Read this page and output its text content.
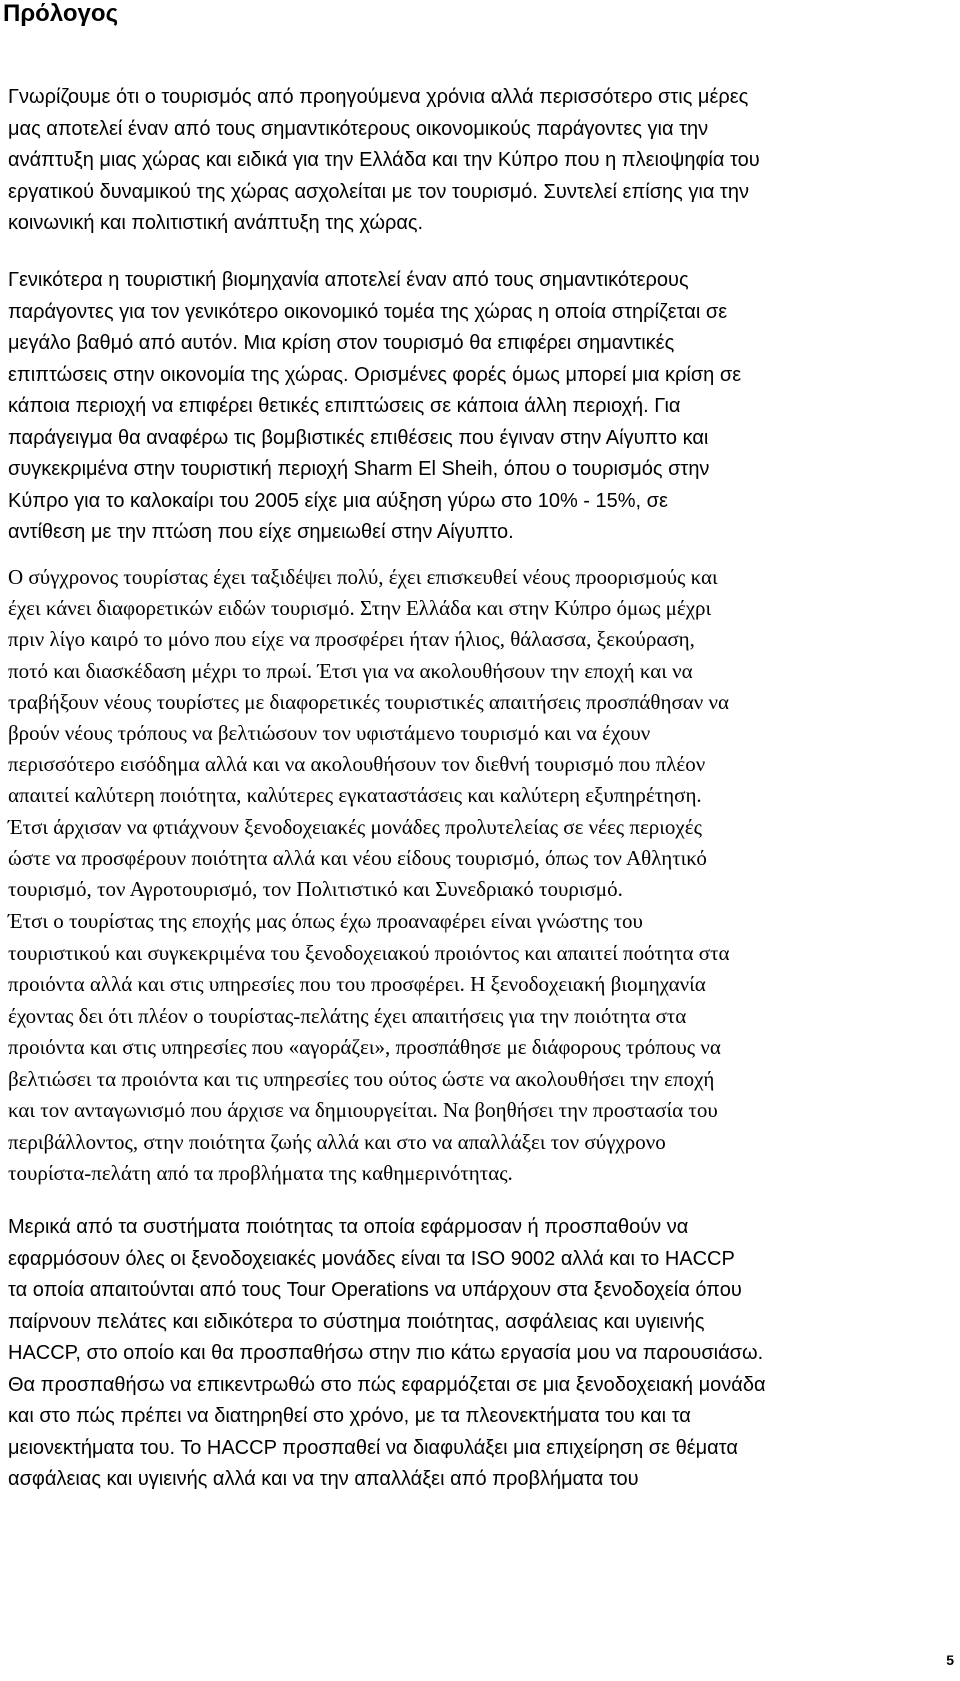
Πρόλογος

Γνωρίζουμε ότι ο τουρισμός από προηγούμενα χρόνια αλλά περισσότερο στις μέρες
μας αποτελεί έναν από τους σημαντικότερους οικονομικούς παράγοντες για την
ανάπτυξη μιας χώρας και ειδικά για την Ελλάδα και την Κύπρο που η πλειοψηφία του
εργατικού δυναμικού της χώρας ασχολείται με τον τουρισμό. Συντελεί επίσης για την
κοινωνική και πολιτιστική ανάπτυξη της χώρας.

Γενικότερα η τουριστική βιομηχανία αποτελεί έναν από τους σημαντικότερους
παράγοντες για τον γενικότερο οικονομικό τομέα της χώρας η οποία στηρίζεται σε
μεγάλο βαθμό από αυτόν. Μια κρίση στον τουρισμό θα επιφέρει σημαντικές
επιπτώσεις στην οικονομία της χώρας. Ορισμένες φορές όμως μπορεί μια κρίση σε
κάποια περιοχή να επιφέρει θετικές επιπτώσεις σε κάποια άλλη περιοχή. Για
παράγειγμα θα αναφέρω τις βομβιστικές επιθέσεις που έγιναν στην Αίγυπτο και
συγκεκριμένα στην τουριστική περιοχή Sharm El Sheih, όπου ο τουρισμός στην
Κύπρο για το καλοκαίρι του 2005 είχε μια αύξηση γύρω στο 10% - 15%, σε
αντίθεση με την πτώση που είχε σημειωθεί στην Αίγυπτο.

Ο σύγχρονος τουρίστας έχει ταξιδέψει πολύ, έχει επισκευθεί νέους προορισμούς και
έχει κάνει διαφορετικών ειδών τουρισμό. Στην Ελλάδα και στην Κύπρο όμως μέχρι
πριν λίγο καιρό το μόνο που είχε να προσφέρει ήταν ήλιος, θάλασσα, ξεκούραση,
ποτό και διασκέδαση μέχρι το πρωί. Έτσι για να ακολουθήσουν την εποχή και να
τραβήξουν νέους τουρίστες με διαφορετικές τουριστικές απαιτήσεις προσπάθησαν να
βρούν νέους τρόπους να βελτιώσουν τον υφιστάμενο τουρισμό και να έχουν
περισσότερο εισόδημα αλλά και να ακολουθήσουν τον διεθνή τουρισμό που πλέον
απαιτεί καλύτερη ποιότητα, καλύτερες εγκαταστάσεις και καλύτερη εξυπηρέτηση.
Έτσι άρχισαν να φτιάχνουν ξενοδοχειακές μονάδες προλυτελείας σε νέες περιοχές
ώστε να προσφέρουν ποιότητα αλλά και νέου είδους τουρισμό, όπως τον Αθλητικό
τουρισμό, τον Αγροτουρισμό, τον Πολιτιστικό και Συνεδριακό τουρισμό.

Έτσι ο τουρίστας της εποχής μας όπως έχω προαναφέρει είναι γνώστης του
τουριστικού και συγκεκριμένα του ξενοδοχειακού προιόντος και απαιτεί ποότητα στα
προιόντα αλλά και στις υπηρεσίες που του προσφέρει. Η ξενοδοχειακή βιομηχανία
έχοντας δει ότι πλέον ο τουρίστας-πελάτης έχει απαιτήσεις για την ποιότητα στα
προιόντα και στις υπηρεσίες που «αγοράζει», προσπάθησε με διάφορους τρόπους να
βελτιώσει τα προιόντα και τις υπηρεσίες του ούτος ώστε να ακολουθήσει την εποχή
και τον ανταγωνισμό που άρχισε να δημιουργείται. Να βοηθήσει την προστασία του
περιβάλλοντος, στην ποιότητα ζωής αλλά και στο να απαλλάξει τον σύγχρονο
τουρίστα-πελάτη από τα προβλήματα της καθημερινότητας.

Μερικά από τα συστήματα ποιότητας τα οποία εφάρμοσαν ή προσπαθούν να
εφαρμόσουν όλες οι ξενοδοχειακές μονάδες είναι τα ISO 9002 αλλά και το HACCP
τα οποία απαιτούνται από τους Tour Operations να υπάρχουν στα ξενοδοχεία όπου
παίρνουν πελάτες και ειδικότερα το σύστημα ποιότητας, ασφάλειας και υγιεινής
HACCP, στο οποίο και θα προσπαθήσω στην πιο κάτω εργασία μου να παρουσιάσω.
Θα προσπαθήσω να επικεντρωθώ στο πώς εφαρμόζεται σε μια ξενοδοχειακή μονάδα
και στο πώς πρέπει να διατηρηθεί στο χρόνο, με τα πλεονεκτήματα του και τα
μειονεκτήματα του. Το HACCP προσπαθεί να διαφυλάξει μια επιχείρηση σε θέματα
ασφάλειας και υγιεινής αλλά και να την απαλλάξει από προβλήματα του

5
